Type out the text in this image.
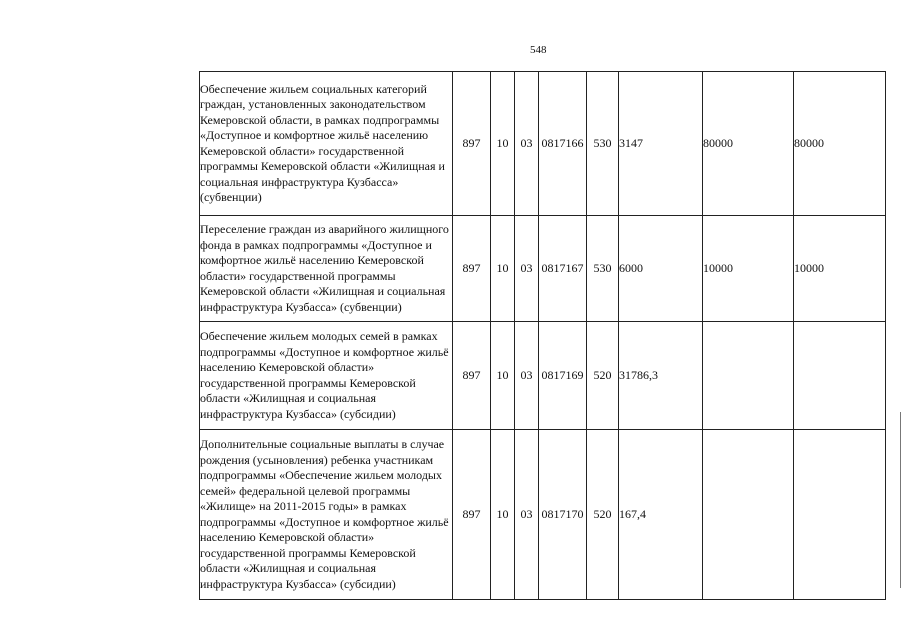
548
Обеспечение жильем социальных категорий граждан, установленных законодательством Кемеровской области, в рамках подпрограммы «Доступное и комфортное жильё населению Кемеровской области» государственной программы Кемеровской области «Жилищная и социальная инфраструктура Кузбасса» (субвенции)	897	10	03	0817166	530	3147	80000	80000
Переселение граждан из аварийного жилищного фонда в рамках подпрограммы «Доступное и комфортное жильё населению Кемеровской области» государственной программы Кемеровской области «Жилищная и социальная инфраструктура Кузбасса» (субвенции)	897	10	03	0817167	530	6000	10000	10000
Обеспечение жильем молодых семей в рамках подпрограммы «Доступное и комфортное жильё населению Кемеровской области» государственной программы Кемеровской области «Жилищная и социальная инфраструктура Кузбасса» (субсидии)	897	10	03	0817169	520	31786,3		
Дополнительные социальные выплаты в случае рождения (усыновления) ребенка участникам подпрограммы «Обеспечение жильем молодых семей» федеральной целевой программы «Жилище» на 2011-2015 годы» в рамках подпрограммы «Доступное и комфортное жильё населению Кемеровской области» государственной программы Кемеровской области «Жилищная и социальная инфраструктура Кузбасса» (субсидии)	897	10	03	0817170	520	167,4		
